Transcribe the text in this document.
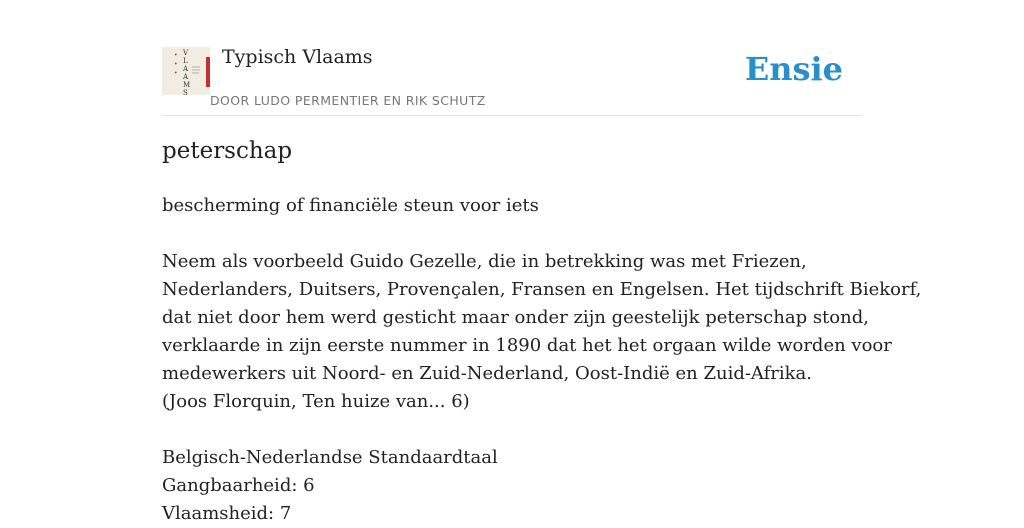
•
•
•
V
L
A
A
M
S
Typisch Vlaams
DOOR LUDO PERMENTIER EN RIK SCHUTZ
Ensie
peterschap
bescherming of financiële steun voor iets
Neem als voorbeeld Guido Gezelle, die in betrekking was met Friezen,
Nederlanders, Duitsers, Provençalen, Fransen en Engelsen. Het tijdschrift Biekorf,
dat niet door hem werd gesticht maar onder zijn geestelijk peterschap stond,
verklaarde in zijn eerste nummer in 1890 dat het het orgaan wilde worden voor
medewerkers uit Noord- en Zuid-Nederland, Oost-Indië en Zuid-Afrika.
(Joos Florquin, Ten huize van... 6)
Belgisch-Nederlandse Standaardtaal
Gangbaarheid: 6
Vlaamsheid: 7
